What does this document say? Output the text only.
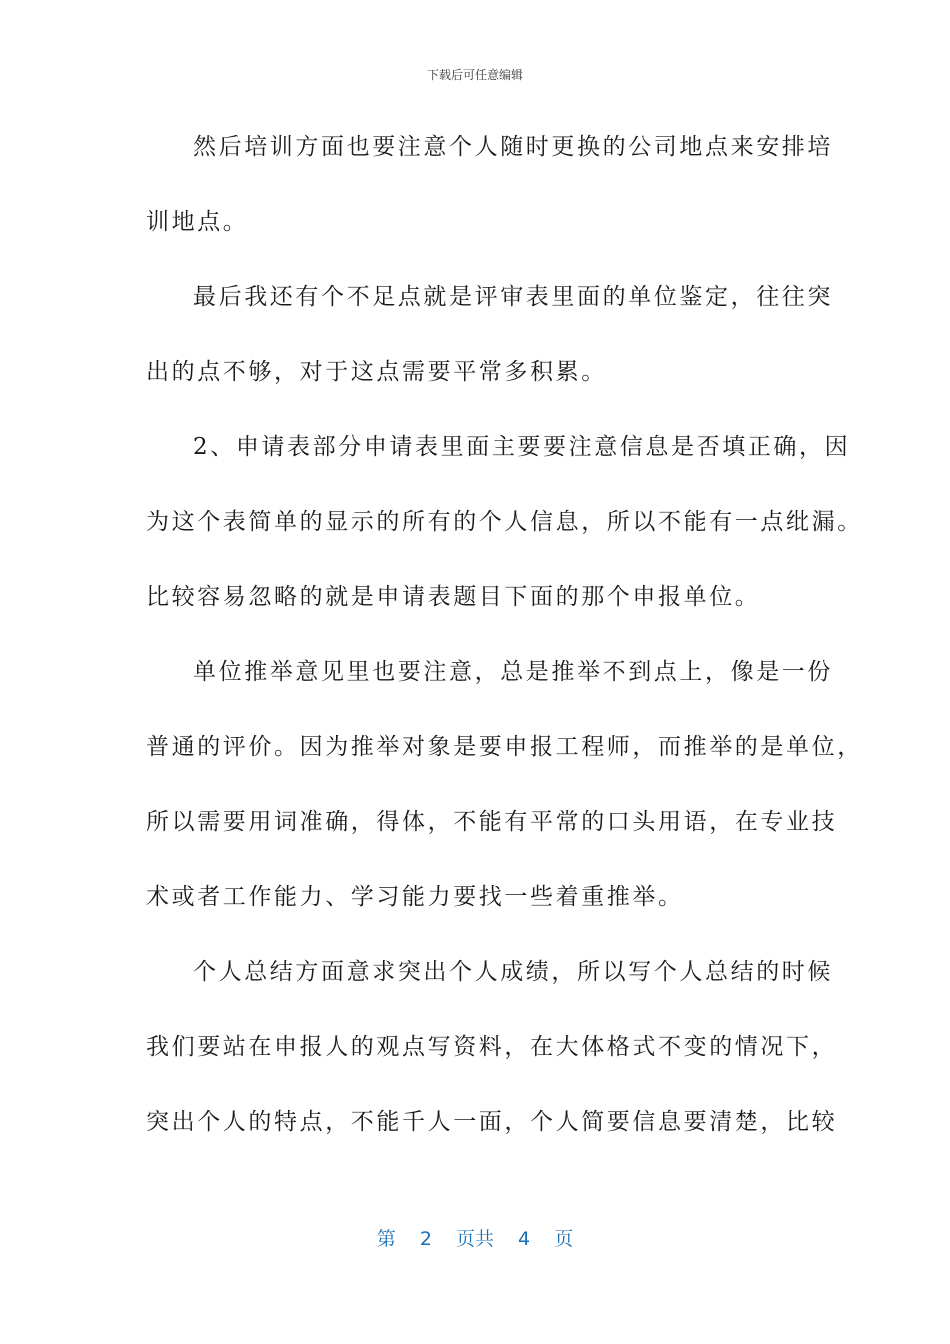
下载后可任意编辑
然后培训方面也要注意个人随时更换的公司地点来安排培
训地点。
最后我还有个不足点就是评审表里面的单位鉴定，往往突
出的点不够，对于这点需要平常多积累。
2、申请表部分申请表里面主要要注意信息是否填正确，因
为这个表简单的显示的所有的个人信息，所以不能有一点纰漏。
比较容易忽略的就是申请表题目下面的那个申报单位。
单位推举意见里也要注意，总是推举不到点上，像是一份
普通的评价。因为推举对象是要申报工程师，而推举的是单位，
所以需要用词准确，得体，不能有平常的口头用语，在专业技
术或者工作能力、学习能力要找一些着重推举。
个人总结方面意求突出个人成绩，所以写个人总结的时候
我们要站在申报人的观点写资料，在大体格式不变的情况下，
突出个人的特点，不能千人一面，个人简要信息要清楚，比较
第 2 页共 4 页
